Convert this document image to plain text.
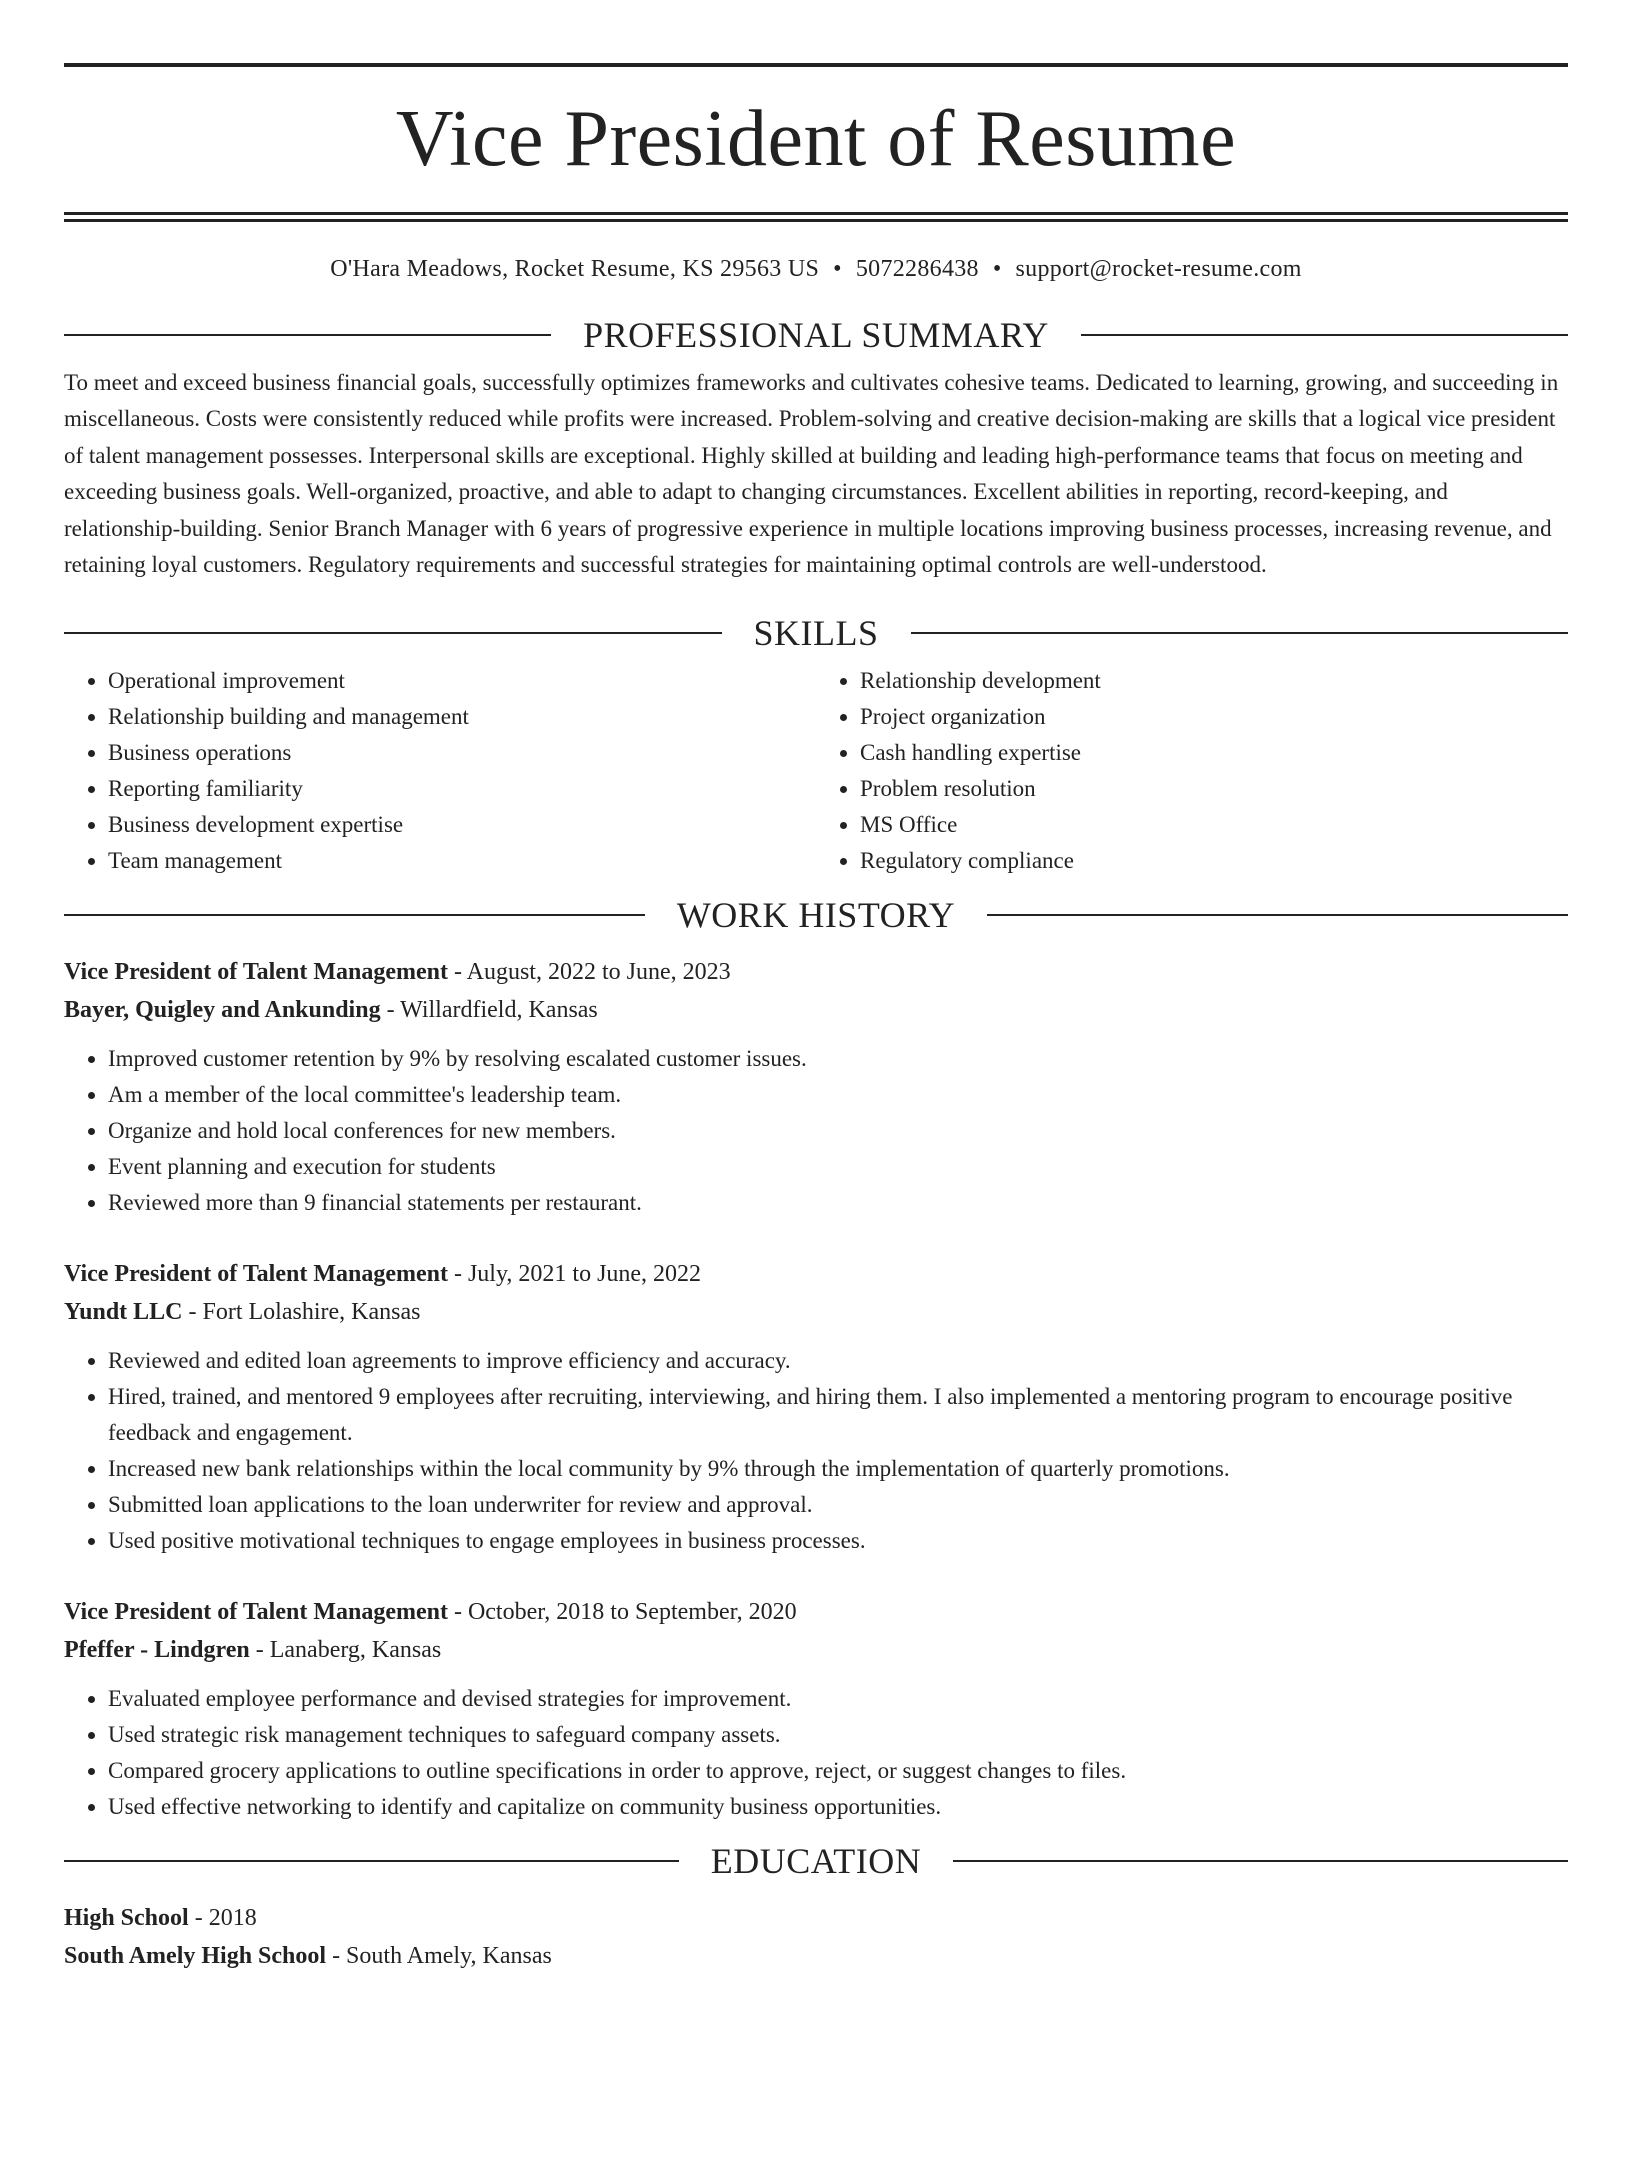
Vice President of Resume
O'Hara Meadows, Rocket Resume, KS 29563 US • 5072286438 • support@rocket-resume.com
PROFESSIONAL SUMMARY
To meet and exceed business financial goals, successfully optimizes frameworks and cultivates cohesive teams. Dedicated to learning, growing, and succeeding in miscellaneous. Costs were consistently reduced while profits were increased. Problem-solving and creative decision-making are skills that a logical vice president of talent management possesses. Interpersonal skills are exceptional. Highly skilled at building and leading high-performance teams that focus on meeting and exceeding business goals. Well-organized, proactive, and able to adapt to changing circumstances. Excellent abilities in reporting, record-keeping, and relationship-building. Senior Branch Manager with 6 years of progressive experience in multiple locations improving business processes, increasing revenue, and retaining loyal customers. Regulatory requirements and successful strategies for maintaining optimal controls are well-understood.
SKILLS
• Operational improvement
• Relationship building and management
• Business operations
• Reporting familiarity
• Business development expertise
• Team management
• Relationship development
• Project organization
• Cash handling expertise
• Problem resolution
• MS Office
• Regulatory compliance
WORK HISTORY
Vice President of Talent Management - August, 2022 to June, 2023
Bayer, Quigley and Ankunding - Willardfield, Kansas
• Improved customer retention by 9% by resolving escalated customer issues.
• Am a member of the local committee's leadership team.
• Organize and hold local conferences for new members.
• Event planning and execution for students
• Reviewed more than 9 financial statements per restaurant.
Vice President of Talent Management - July, 2021 to June, 2022
Yundt LLC - Fort Lolashire, Kansas
• Reviewed and edited loan agreements to improve efficiency and accuracy.
• Hired, trained, and mentored 9 employees after recruiting, interviewing, and hiring them. I also implemented a mentoring program to encourage positive feedback and engagement.
• Increased new bank relationships within the local community by 9% through the implementation of quarterly promotions.
• Submitted loan applications to the loan underwriter for review and approval.
• Used positive motivational techniques to engage employees in business processes.
Vice President of Talent Management - October, 2018 to September, 2020
Pfeffer - Lindgren - Lanaberg, Kansas
• Evaluated employee performance and devised strategies for improvement.
• Used strategic risk management techniques to safeguard company assets.
• Compared grocery applications to outline specifications in order to approve, reject, or suggest changes to files.
• Used effective networking to identify and capitalize on community business opportunities.
EDUCATION
High School - 2018
South Amely High School - South Amely, Kansas
